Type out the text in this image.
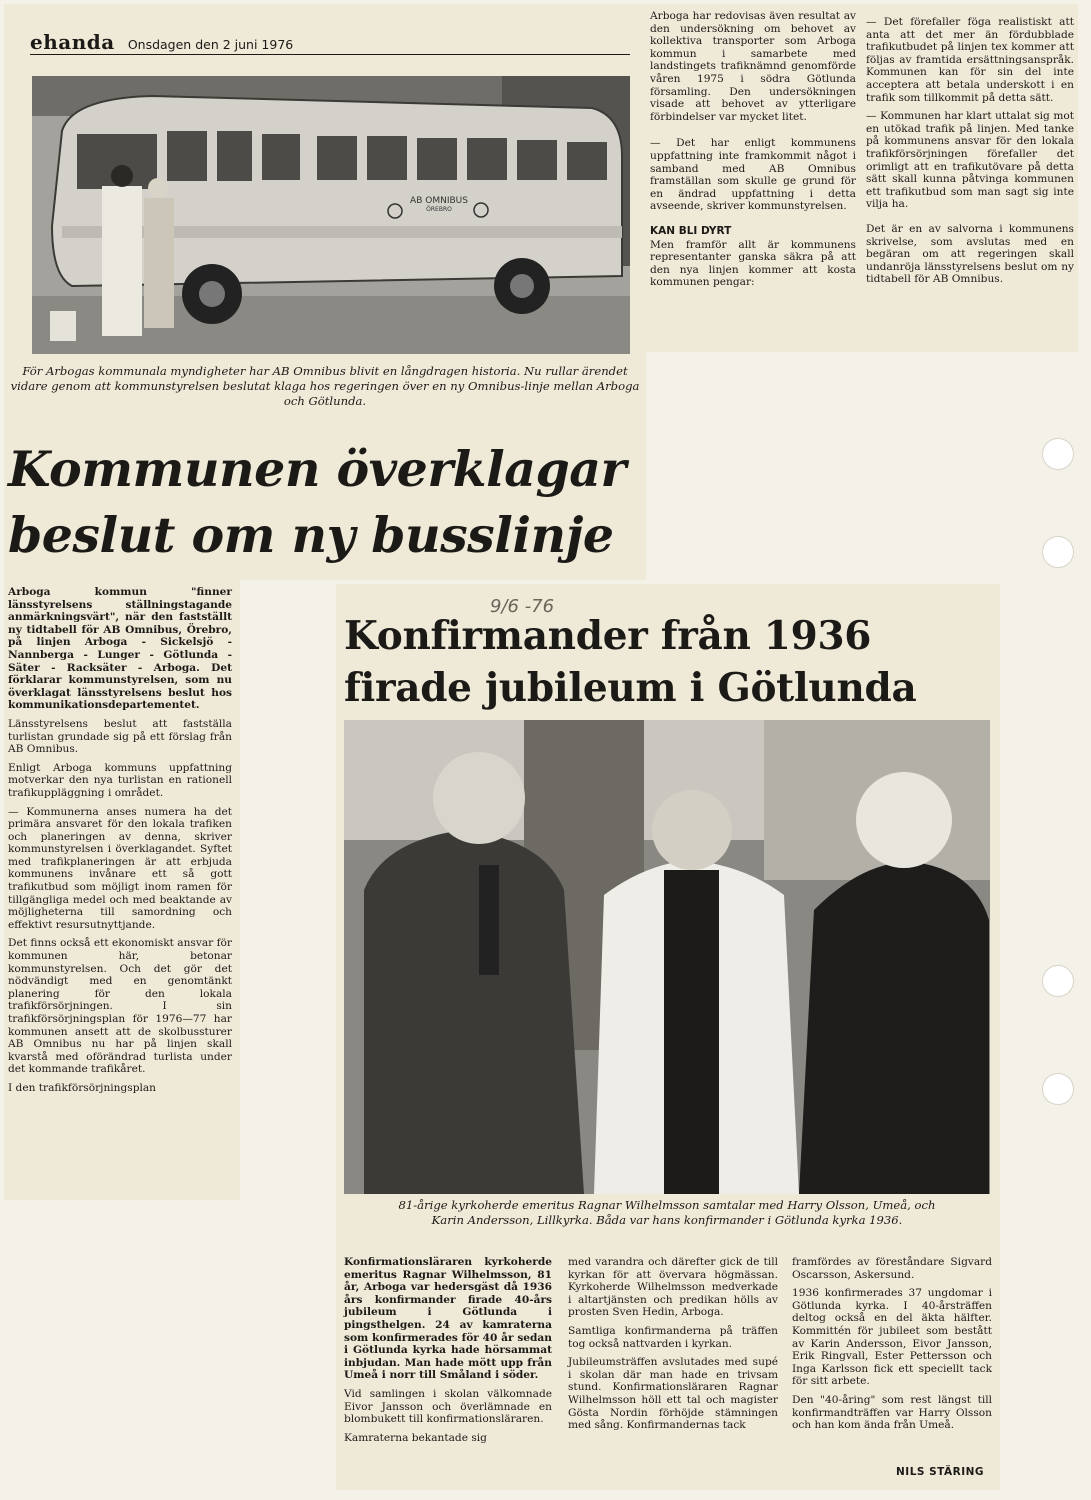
ehanda Onsdagen den 2 juni 1976
AB OMNIBUS
ÖREBRO
För Arbogas kommunala myndigheter har AB Omnibus blivit en långdragen historia. Nu rullar ärendet vidare genom att kommunstyrelsen beslutat klaga hos regeringen över en ny Omnibus-linje mellan Arboga och Götlunda.
Kommunen överklagar
beslut om ny busslinje

Arboga kommun "finner länsstyrelsens ställningstagande anmärkningsvärt", när den fastställt ny tidtabell för AB Omnibus, Örebro, på linjen Arboga - Sickelsjö - Nannberga - Lunger - Götlunda - Säter - Racksäter - Arboga. Det förklarar kommunstyrelsen, som nu överklagat länsstyrelsens beslut hos kommunikationsdepartementet.

Länsstyrelsens beslut att fastställa turlistan grundade sig på ett förslag från AB Omnibus.

Enligt Arboga kommuns uppfattning motverkar den nya turlistan en rationell trafikuppläggning i området.

— Kommunerna anses numera ha det primära ansvaret för den lokala trafiken och planeringen av denna, skriver kommunstyrelsen i överklagandet. Syftet med trafikplaneringen är att erbjuda kommunens invånare ett så gott trafikutbud som möjligt inom ramen för tillgängliga medel och med beaktande av möjligheterna till samordning och effektivt resursutnyttjande.

Det finns också ett ekonomiskt ansvar för kommunen här, betonar kommunstyrelsen. Och det gör det nödvändigt med en genomtänkt planering för den lokala trafikförsörjningen. I sin trafikförsörjningsplan för 1976—77 har kommunen ansett att de skolbussturer AB Omnibus nu har på linjen skall kvarstå med oförändrad turlista under det kommande trafikåret.

I den trafikförsörjningsplan

Arboga har redovisas även resultat av den undersökning om behovet av kollektiva transporter som Arboga kommun i samarbete med landstingets trafiknämnd genomförde våren 1975 i södra Götlunda församling. Den undersökningen visade att behovet av ytterligare förbindelser var mycket litet.

— Det har enligt kommunens uppfattning inte framkommit något i samband med AB Omnibus framställan som skulle ge grund för en ändrad uppfattning i detta avseende, skriver kommunstyrelsen.

KAN BLI DYRT

Men framför allt är kommunens representanter ganska säkra på att den nya linjen kommer att kosta kommunen pengar:

— Det förefaller föga realistiskt att anta att det mer än fördubblade trafikutbudet på linjen tex kommer att följas av framtida ersättningsanspråk. Kommunen kan för sin del inte acceptera att betala underskott i en trafik som tillkommit på detta sätt.

— Kommunen har klart uttalat sig mot en utökad trafik på linjen. Med tanke på kommunens ansvar för den lokala trafikförsörjningen förefaller det orimligt att en trafikutövare på detta sätt skall kunna påtvinga kommunen ett trafikutbud som man sagt sig inte vilja ha.

Det är en av salvorna i kommunens skrivelse, som avslutas med en begäran om att regeringen skall undanröja länsstyrelsens beslut om ny tidtabell för AB Omnibus.

9/6 -76
Konfirmander från 1936
firade jubileum i Götlunda
81-årige kyrkoherde emeritus Ragnar Wilhelmsson samtalar med Harry Olsson, Umeå, och
Karin Andersson, Lillkyrka. Båda var hans konfirmander i Götlunda kyrka 1936.

Konfirmationsläraren kyrkoherde emeritus Ragnar Wilhelmsson, 81 år, Arboga var hedersgäst då 1936 års konfirmander firade 40-års jubileum i Götlunda i pingsthelgen. 24 av kamraterna som konfirmerades för 40 år sedan i Götlunda kyrka hade hörsammat inbjudan. Man hade mött upp från Umeå i norr till Småland i söder.

Vid samlingen i skolan välkomnade Eivor Jansson och överlämnade en blombukett till konfirmationsläraren.

Kamraterna bekantade sig

med varandra och därefter gick de till kyrkan för att övervara högmässan. Kyrkoherde Wilhelmsson medverkade i altartjänsten och predikan hölls av prosten Sven Hedin, Arboga.

Samtliga konfirmanderna på träffen tog också nattvarden i kyrkan.

Jubileumsträffen avslutades med supé i skolan där man hade en trivsam stund. Konfirmationsläraren Ragnar Wilhelmsson höll ett tal och magister Gösta Nordin förhöjde stämningen med sång. Konfirmandernas tack

framfördes av föreståndare Sigvard Oscarsson, Askersund.

1936 konfirmerades 37 ungdomar i Götlunda kyrka. I 40-årsträffen deltog också en del äkta hälfter. Kommittén för jubileet som bestått av Karin Andersson, Eivor Jansson, Erik Ringvall, Ester Pettersson och Inga Karlsson fick ett speciellt tack för sitt arbete.

Den "40-åring" som rest längst till konfirmandträffen var Harry Olsson och han kom ända från Umeå.

NILS STÄRING
